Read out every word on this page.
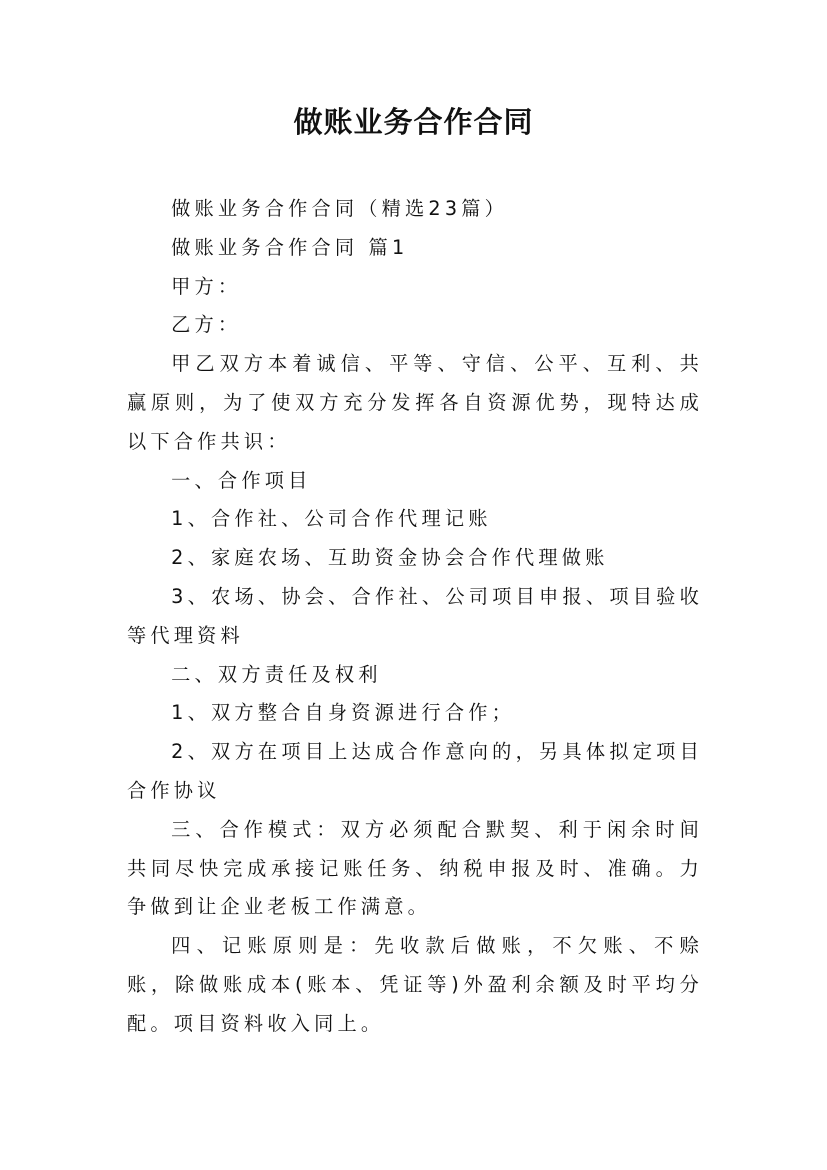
做账业务合作合同

做账业务合作合同（精选23篇）

做账业务合作合同 篇1

甲方：

乙方：

甲乙双方本着诚信、平等、守信、公平、互利、共赢原则，为了使双方充分发挥各自资源优势，现特达成以下合作共识：

一、合作项目

1、合作社、公司合作代理记账

2、家庭农场、互助资金协会合作代理做账

3、农场、协会、合作社、公司项目申报、项目验收等代理资料

二、双方责任及权利

1、双方整合自身资源进行合作；

2、双方在项目上达成合作意向的，另具体拟定项目合作协议

三、合作模式：双方必须配合默契、利于闲余时间共同尽快完成承接记账任务、纳税申报及时、准确。力争做到让企业老板工作满意。

四、记账原则是：先收款后做账，不欠账、不赊账，除做账成本(账本、凭证等)外盈利余额及时平均分配。项目资料收入同上。
